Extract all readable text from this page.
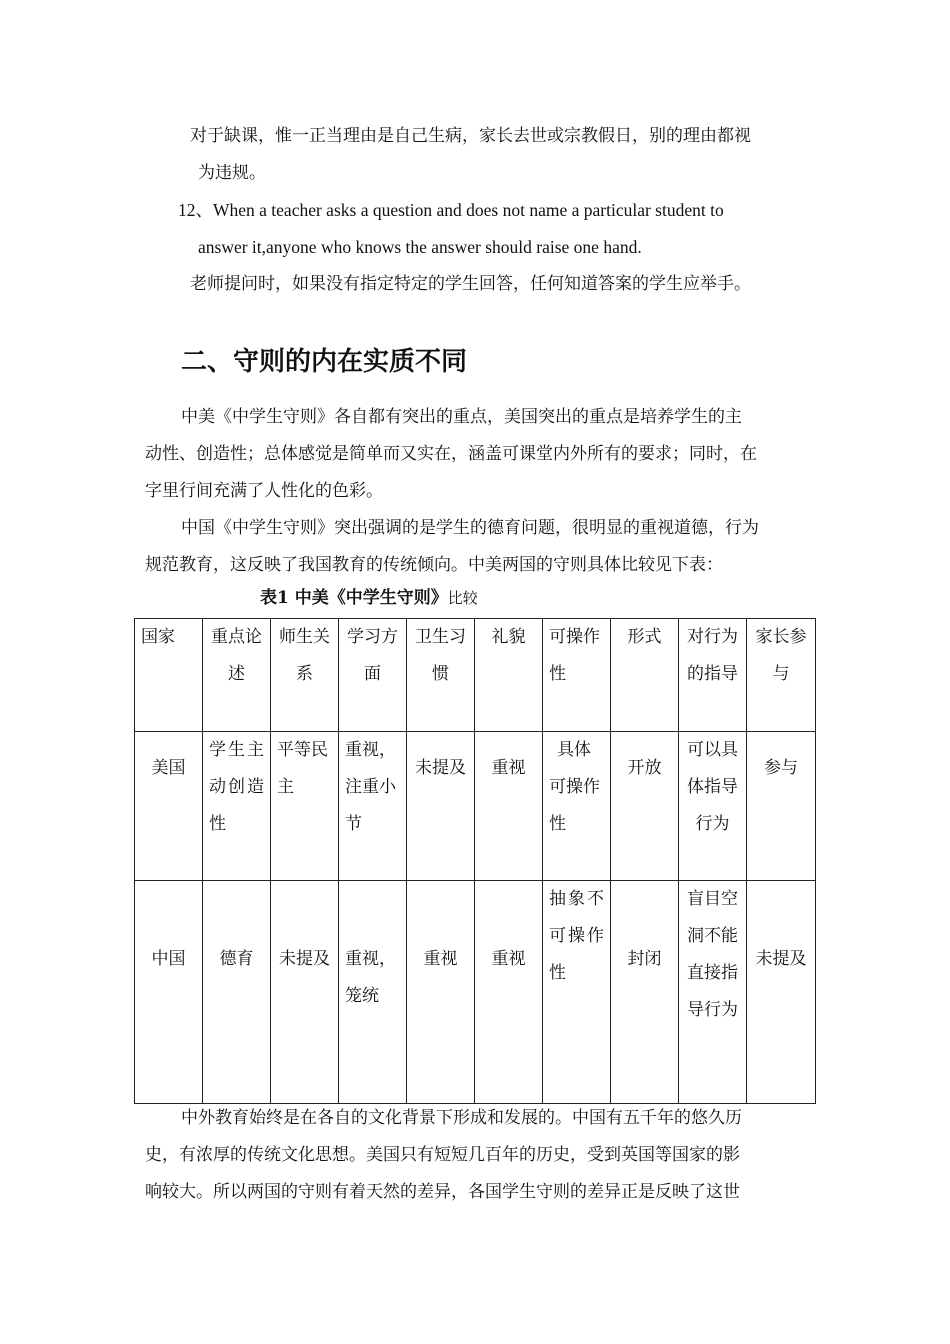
对于缺课，惟一正当理由是自己生病，家长去世或宗教假日，别的理由都视
为违规。
12、When a teacher asks a question and does not name a particular student to
answer it,anyone who knows the answer should raise one hand.
老师提问时，如果没有指定特定的学生回答，任何知道答案的学生应举手。
二、守则的内在实质不同
中美《中学生守则》各自都有突出的重点，美国突出的重点是培养学生的主
动性、创造性；总体感觉是简单而又实在，涵盖可课堂内外所有的要求；同时，在
字里行间充满了人性化的色彩。
中国《中学生守则》突出强调的是学生的德育问题，很明显的重视道德，行为
规范教育，这反映了我国教育的传统倾向。中美两国的守则具体比较见下表：
表1 中美《中学生守则》比较
国家	重点论述	师生关系	学习方面	卫生习惯	礼貌	可操作性	形式	对行为的指导	家长参与

美国	学生主动创造性	平等民主	重视，注重小节	未提及	重视	具体可操作性	开放	可以具体指导行为	参与

中国	德育	未提及	重视，笼统	重视	重视	抽象不可操作性	封闭	盲目空洞不能直接指导行为	未提及
中外教育始终是在各自的文化背景下形成和发展的。中国有五千年的悠久历
史，有浓厚的传统文化思想。美国只有短短几百年的历史，受到英国等国家的影
响较大。所以两国的守则有着天然的差异，各国学生守则的差异正是反映了这世
